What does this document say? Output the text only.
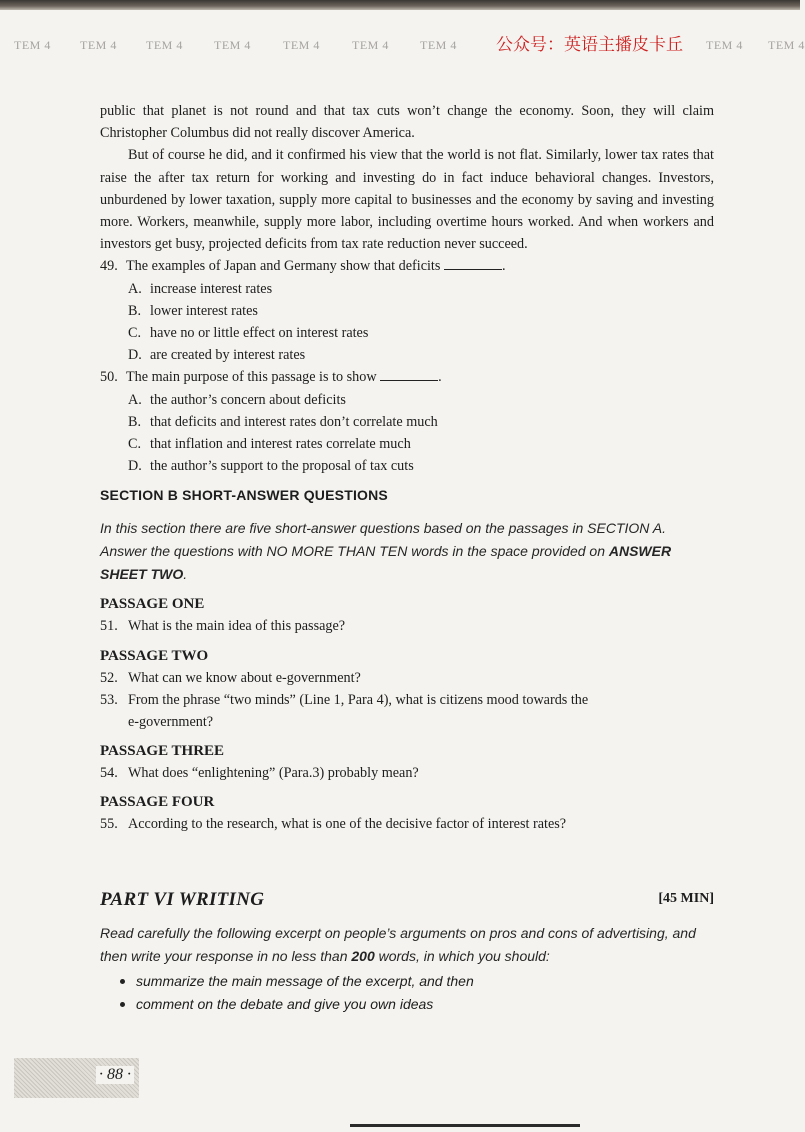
TEM 4 TEM 4 TEM 4	TEM 4	TEM 4	TEM 4	TEM 4	TEM 4 TEM 4
公众号：英语主播皮卡丘

public that planet is not round and that tax cuts won’t change the economy. Soon, they will claim Christopher Columbus did not really discover America.

But of course he did, and it confirmed his view that the world is not flat. Similarly, lower tax rates that raise the after tax return for working and investing do in fact induce behavioral changes. Investors, unburdened by lower taxation, supply more capital to businesses and the economy by saving and investing more. Workers, meanwhile, supply more labor, including overtime hours worked. And when workers and investors get busy, projected deficits from tax rate reduction never succeed.

49. The examples of Japan and Germany show that deficits	.

A. increase interest rates

B. lower interest rates

C. have no or little effect on interest rates

D. are created by interest rates

50. The main purpose of this passage is to show	.

A. the author’s concern about deficits

B. that deficits and interest rates don’t correlate much

C. that inflation and interest rates correlate much

D. the author’s support to the proposal of tax cuts

SECTION B SHORT-ANSWER QUESTIONS

In this section there are five short-answer questions based on the passages in SECTION A. Answer the questions with NO MORE THAN TEN words in the space provided on ANSWER SHEET TWO.

PASSAGE ONE

51. What is the main idea of this passage?

PASSAGE TWO

52. What can we know about e-government?

53. From the phrase “two minds” (Line 1, Para 4), what is citizens mood towards the
e-government?

PASSAGE THREE

54. What does “enlightening” (Para.3) probably mean?

PASSAGE FOUR

55. According to the research, what is one of the decisive factor of interest rates?

PART VI WRITING	[45 MIN]

Read carefully the following excerpt on people’s arguments on pros and cons of advertising, and then write your response in no less than 200 words, in which you should:

summarize the main message of the excerpt, and then
comment on the debate and give you own ideas
· 88 ·
